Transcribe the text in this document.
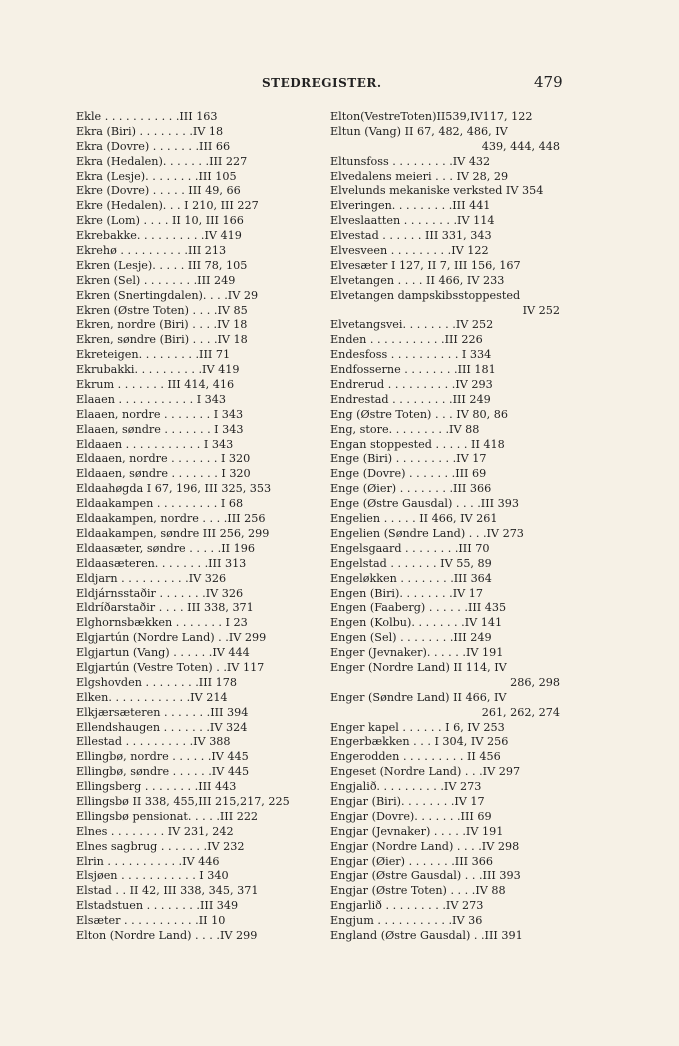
STEDREGISTER.	479
Ekle . . . . . . . . . . .III 163
Ekra (Biri) . . . . . . . .IV 18
Ekra (Dovre) . . . . . . .III 66
Ekra (Hedalen). . . . . . .III 227
Ekra (Lesje). . . . . . . .III 105
Ekre (Dovre) . . . . . III 49, 66
Ekre (Hedalen). . . I 210, III 227
Ekre (Lom) . . . . II 10, III 166
Ekrebakke. . . . . . . . . .IV 419
Ekrehø . . . . . . . . . .III 213
Ekren (Lesje). . . . . III 78, 105
Ekren (Sel) . . . . . . . .III 249
Ekren (Snertingdalen). . . .IV 29
Ekren (Østre Toten) . . . .IV 85
Ekren, nordre (Biri) . . . .IV 18
Ekren, søndre (Biri) . . . .IV 18
Ekreteigen. . . . . . . . .III 71
Ekrubakki. . . . . . . . . .IV 419
Ekrum . . . . . . . III 414, 416
Elaaen . . . . . . . . . . . I 343
Elaaen, nordre . . . . . . . I 343
Elaaen, søndre . . . . . . . I 343
Eldaaen . . . . . . . . . . . I 343
Eldaaen, nordre . . . . . . . I 320
Eldaaen, søndre . . . . . . . I 320
Eldaahøgda I 67, 196, III 325, 353
Eldaakampen . . . . . . . . . I 68
Eldaakampen, nordre . . . .III 256
Eldaakampen, søndre III 256, 299
Eldaasæter, søndre . . . . .II 196
Eldaasæteren. . . . . . . .III 313
Eldjarn . . . . . . . . . .IV 326
Eldjárnsstaðir . . . . . . .IV 326
Eldríðarstaðir . . . . III 338, 371
Elghornsbækken . . . . . . . I 23
Elgjartún (Nordre Land) . .IV 299
Elgjartun (Vang) . . . . . .IV 444
Elgjartún (Vestre Toten) . .IV 117
Elgshovden . . . . . . . .III 178
Elken. . . . . . . . . . . .IV 214
Elkjærsæteren . . . . . . .III 394
Ellendshaugen . . . . . . .IV 324
Ellestad . . . . . . . . . .IV 388
Ellingbø, nordre . . . . . .IV 445
Ellingbø, søndre . . . . . .IV 445
Ellingsberg . . . . . . . .III 443
Ellingsbø II 338, 455,III 215,217, 225
Ellingsbø pensionat. . . . .III 222
Elnes . . . . . . . . IV 231, 242
Elnes sagbrug . . . . . . .IV 232
Elrin . . . . . . . . . . .IV 446
Elsjøen . . . . . . . . . . . I 340
Elstad . . II 42, III 338, 345, 371
Elstadstuen . . . . . . . .III 349
Elsæter . . . . . . . . . . .II 10
Elton (Nordre Land) . . . .IV 299
Elton(VestreToten)II539,IV117, 122
Eltun (Vang) II 67, 482, 486, IV
439, 444, 448
Eltunsfoss . . . . . . . . .IV 432
Elvedalens meieri . . . IV 28, 29
Elvelunds mekaniske verksted IV 354
Elveringen. . . . . . . . .III 441
Elveslaatten . . . . . . . .IV 114
Elvestad . . . . . . III 331, 343
Elvesveen . . . . . . . . .IV 122
Elvesæter I 127, II 7, III 156, 167
Elvetangen . . . . II 466, IV 233
Elvetangen dampskibsstoppested
IV 252
Elvetangsvei. . . . . . . .IV 252
Enden . . . . . . . . . . .III 226
Endesfoss . . . . . . . . . . I 334
Endfosserne . . . . . . . .III 181
Endrerud . . . . . . . . . .IV 293
Endrestad . . . . . . . . .III 249
Eng (Østre Toten) . . . IV 80, 86
Eng, store. . . . . . . . .IV 88
Engan stoppested . . . . . II 418
Enge (Biri) . . . . . . . . .IV 17
Enge (Dovre) . . . . . . .III 69
Enge (Øier) . . . . . . . .III 366
Enge (Østre Gausdal) . . . .III 393
Engelien . . . . . II 466, IV 261
Engelien (Søndre Land) . . .IV 273
Engelsgaard . . . . . . . .III 70
Engelstad . . . . . . . IV 55, 89
Engeløkken . . . . . . . .III 364
Engen (Biri). . . . . . . .IV 17
Engen (Faaberg) . . . . . .III 435
Engen (Kolbu). . . . . . . .IV 141
Engen (Sel) . . . . . . . .III 249
Enger (Jevnaker). . . . . .IV 191
Enger (Nordre Land) II 114, IV
286, 298
Enger (Søndre Land) II 466, IV
261, 262, 274
Enger kapel . . . . . . I 6, IV 253
Engerbækken . . . I 304, IV 256
Engerodden . . . . . . . . . II 456
Engeset (Nordre Land) . . .IV 297
Engjalið. . . . . . . . . .IV 273
Engjar (Biri). . . . . . . .IV 17
Engjar (Dovre). . . . . . .III 69
Engjar (Jevnaker) . . . . .IV 191
Engjar (Nordre Land) . . . .IV 298
Engjar (Øier) . . . . . . .III 366
Engjar (Østre Gausdal) . . .III 393
Engjar (Østre Toten) . . . .IV 88
Engjarlið . . . . . . . . .IV 273
Engjum . . . . . . . . . . .IV 36
England (Østre Gausdal) . .III 391
